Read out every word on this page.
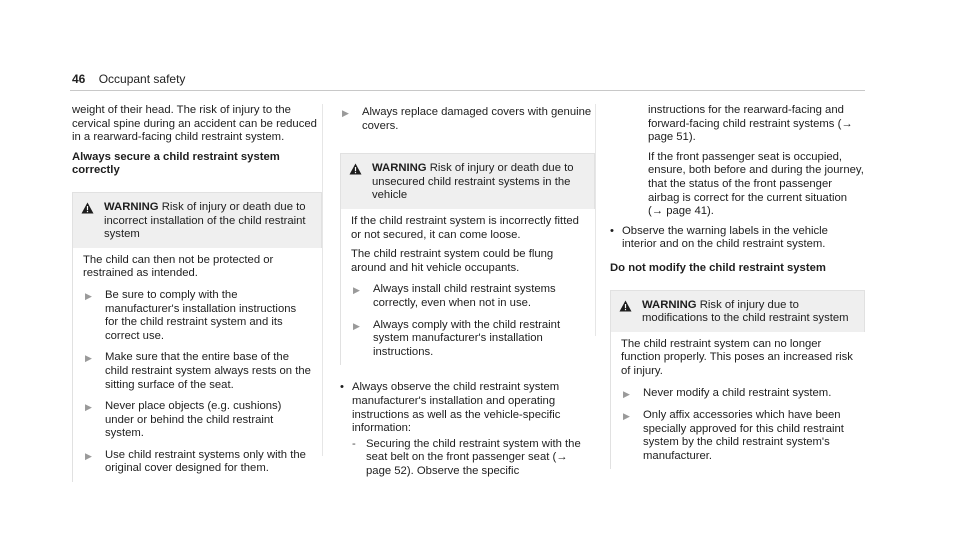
46 Occupant safety

weight of their head. The risk of injury to the cervical spine during an accident can be reduced in a rearward-facing child restraint system.

Always secure a child restraint system correctly

WARNING Risk of injury or death due to incorrect installation of the child restraint system

The child can then not be protected or restrained as intended.

▶	Be sure to comply with the manufacturer's installation instructions for the child restraint system and its correct use.
▶	Make sure that the entire base of the child restraint system always rests on the sitting surface of the seat.
▶	Never place objects (e.g. cushions) under or behind the child restraint system.
▶	Use child restraint systems only with the original cover designed for them.
▶	Always replace damaged covers with genuine covers.
WARNING Risk of injury or death due to unsecured child restraint systems in the vehicle

If the child restraint system is incorrectly fitted or not secured, it can come loose.

The child restraint system could be flung around and hit vehicle occupants.

▶	Always install child restraint systems correctly, even when not in use.
▶	Always comply with the child restraint system manufacturer's installation instructions.
•
Always observe the child restraint system manufacturer's installation and operating instructions as well as the vehicle-specific information:
- Securing the child restraint system with the seat belt on the front passenger seat (→ page 52). Observe the specific

instructions for the rearward-facing and forward-facing child restraint systems (→ page 51).

If the front passenger seat is occupied, ensure, both before and during the journey, that the status of the front passenger airbag is correct for the current situation (→ page 41).

•
Observe the warning labels in the vehicle interior and on the child restraint system.

Do not modify the child restraint system

WARNING Risk of injury due to modifications to the child restraint system

The child restraint system can no longer function properly. This poses an increased risk of injury.

▶	Never modify a child restraint system.
▶	Only affix accessories which have been specially approved for this child restraint system by the child restraint system's manufacturer.
